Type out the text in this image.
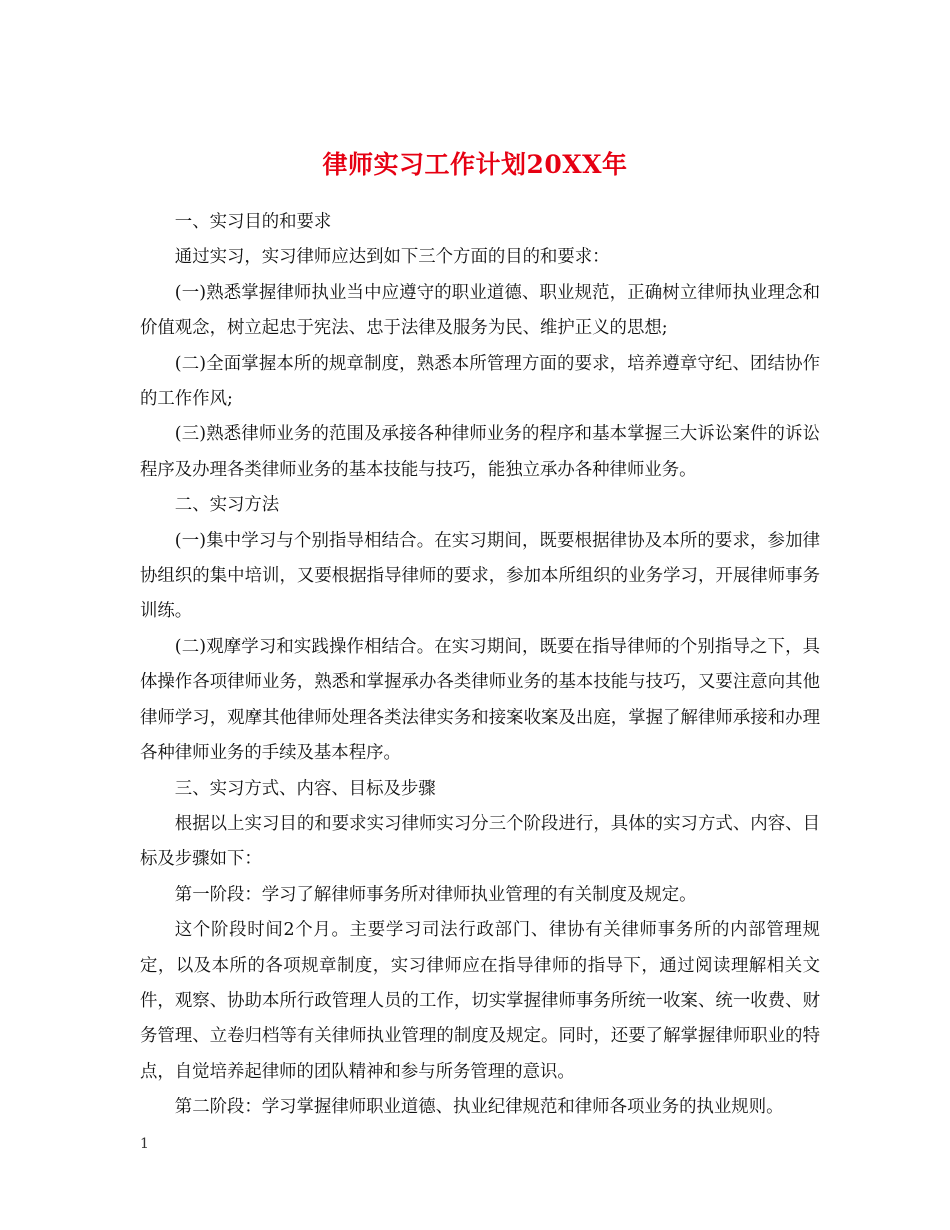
律师实习工作计划20XX年

一、实习目的和要求

通过实习，实习律师应达到如下三个方面的目的和要求：

(一)熟悉掌握律师执业当中应遵守的职业道德、职业规范，正确树立律师执业理念和价值观念，树立起忠于宪法、忠于法律及服务为民、维护正义的思想;

(二)全面掌握本所的规章制度，熟悉本所管理方面的要求，培养遵章守纪、团结协作的工作作风;

(三)熟悉律师业务的范围及承接各种律师业务的程序和基本掌握三大诉讼案件的诉讼程序及办理各类律师业务的基本技能与技巧，能独立承办各种律师业务。

二、实习方法

(一)集中学习与个别指导相结合。在实习期间，既要根据律协及本所的要求，参加律协组织的集中培训，又要根据指导律师的要求，参加本所组织的业务学习，开展律师事务训练。

(二)观摩学习和实践操作相结合。在实习期间，既要在指导律师的个别指导之下，具体操作各项律师业务，熟悉和掌握承办各类律师业务的基本技能与技巧，又要注意向其他律师学习，观摩其他律师处理各类法律实务和接案收案及出庭，掌握了解律师承接和办理各种律师业务的手续及基本程序。

三、实习方式、内容、目标及步骤

根据以上实习目的和要求实习律师实习分三个阶段进行，具体的实习方式、内容、目标及步骤如下：

第一阶段：学习了解律师事务所对律师执业管理的有关制度及规定。

这个阶段时间2个月。主要学习司法行政部门、律协有关律师事务所的内部管理规定，以及本所的各项规章制度，实习律师应在指导律师的指导下，通过阅读理解相关文件，观察、协助本所行政管理人员的工作，切实掌握律师事务所统一收案、统一收费、财务管理、立卷归档等有关律师执业管理的制度及规定。同时，还要了解掌握律师职业的特点，自觉培养起律师的团队精神和参与所务管理的意识。

第二阶段：学习掌握律师职业道德、执业纪律规范和律师各项业务的执业规则。

1
